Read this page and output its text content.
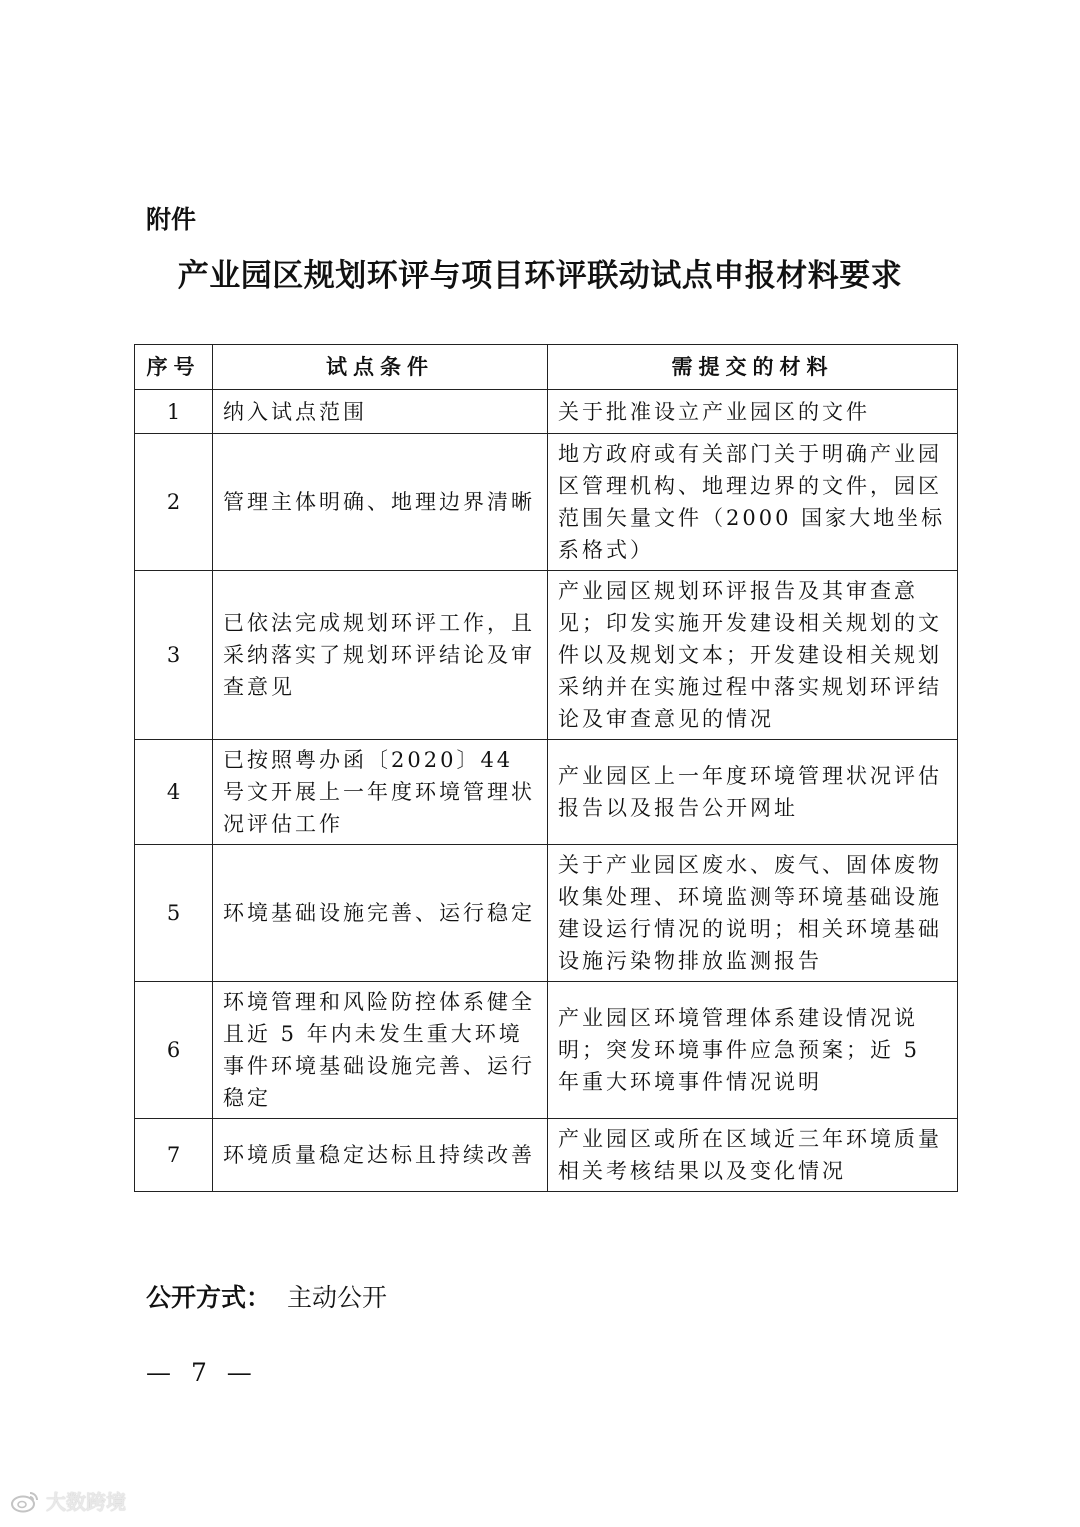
附件
产业园区规划环评与项目环评联动试点申报材料要求
序号	试点条件	需提交的材料
1	纳入试点范围	关于批准设立产业园区的文件
2	管理主体明确、地理边界清晰	地方政府或有关部门关于明确产业园区管理机构、地理边界的文件，园区范围矢量文件（2000 国家大地坐标系格式）
3	已依法完成规划环评工作，且采纳落实了规划环评结论及审查意见	产业园区规划环评报告及其审查意见；印发实施开发建设相关规划的文件以及规划文本；开发建设相关规划采纳并在实施过程中落实规划环评结论及审查意见的情况
4	已按照粤办函〔2020〕44 号文开展上一年度环境管理状况评估工作	产业园区上一年度环境管理状况评估报告以及报告公开网址
5	环境基础设施完善、运行稳定	关于产业园区废水、废气、固体废物收集处理、环境监测等环境基础设施建设运行情况的说明；相关环境基础设施污染物排放监测报告
6	环境管理和风险防控体系健全且近 5 年内未发生重大环境事件环境基础设施完善、运行稳定	产业园区环境管理体系建设情况说明；突发环境事件应急预案；近 5 年重大环境事件情况说明
7	环境质量稳定达标且持续改善	产业园区或所在区域近三年环境质量相关考核结果以及变化情况
公开方式： 主动公开
— 7 —
大数跨境
